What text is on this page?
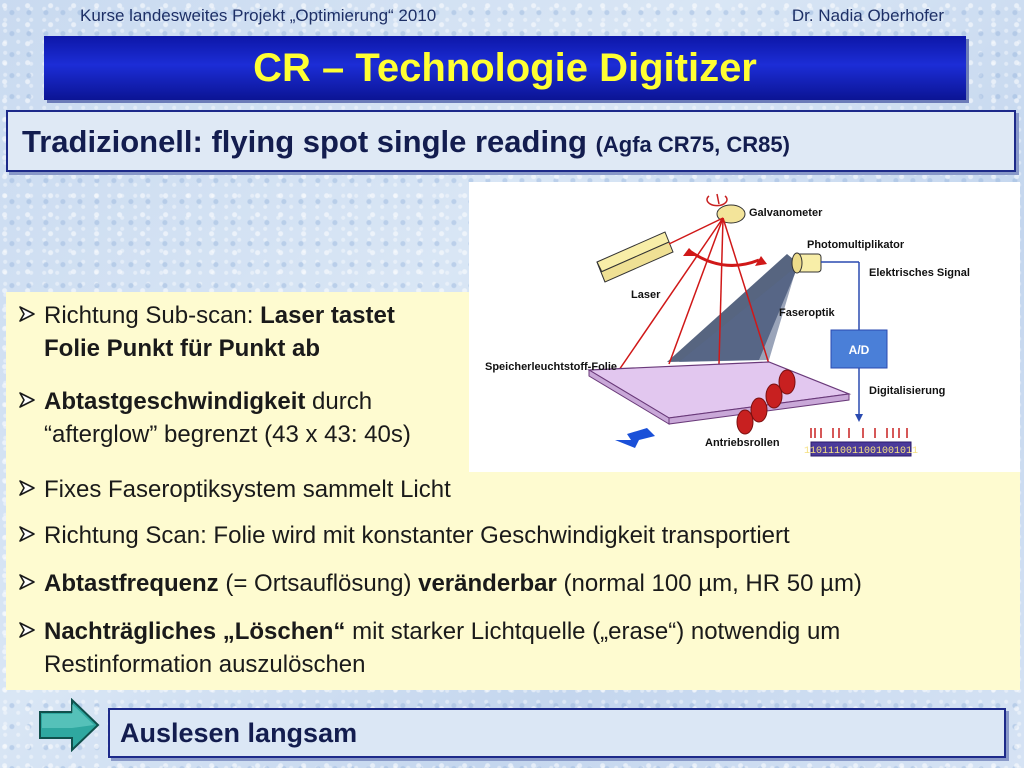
Kurse landesweites Projekt „Optimierung“ 2010	Dr. Nadia Oberhofer
CR – Technologie Digitizer
Tradizionell: flying spot single reading (Agfa CR75, CR85)
Richtung Sub-scan: Laser tastet
Folie Punkt für Punkt ab
Abtastgeschwindigkeit durch
“afterglow” begrenzt (43 x 43: 40s)
Fixes Faseroptiksystem sammelt Licht
Richtung Scan: Folie wird mit konstanter Geschwindigkeit transportiert
Abtastfrequenz (= Ortsauflösung) veränderbar (normal 100 µm, HR 50 µm)
Nachträgliches „Löschen“ mit starker Lichtquelle („erase“) notwendig um
Restinformation auszulöschen
1101110011001001011
Galvanometer
Photomultiplikator
Elektrisches Signal
Laser
Faseroptik
A/D
Speicherleuchtstoff-Folie
Digitalisierung
Antriebsrollen
Auslesen langsam
